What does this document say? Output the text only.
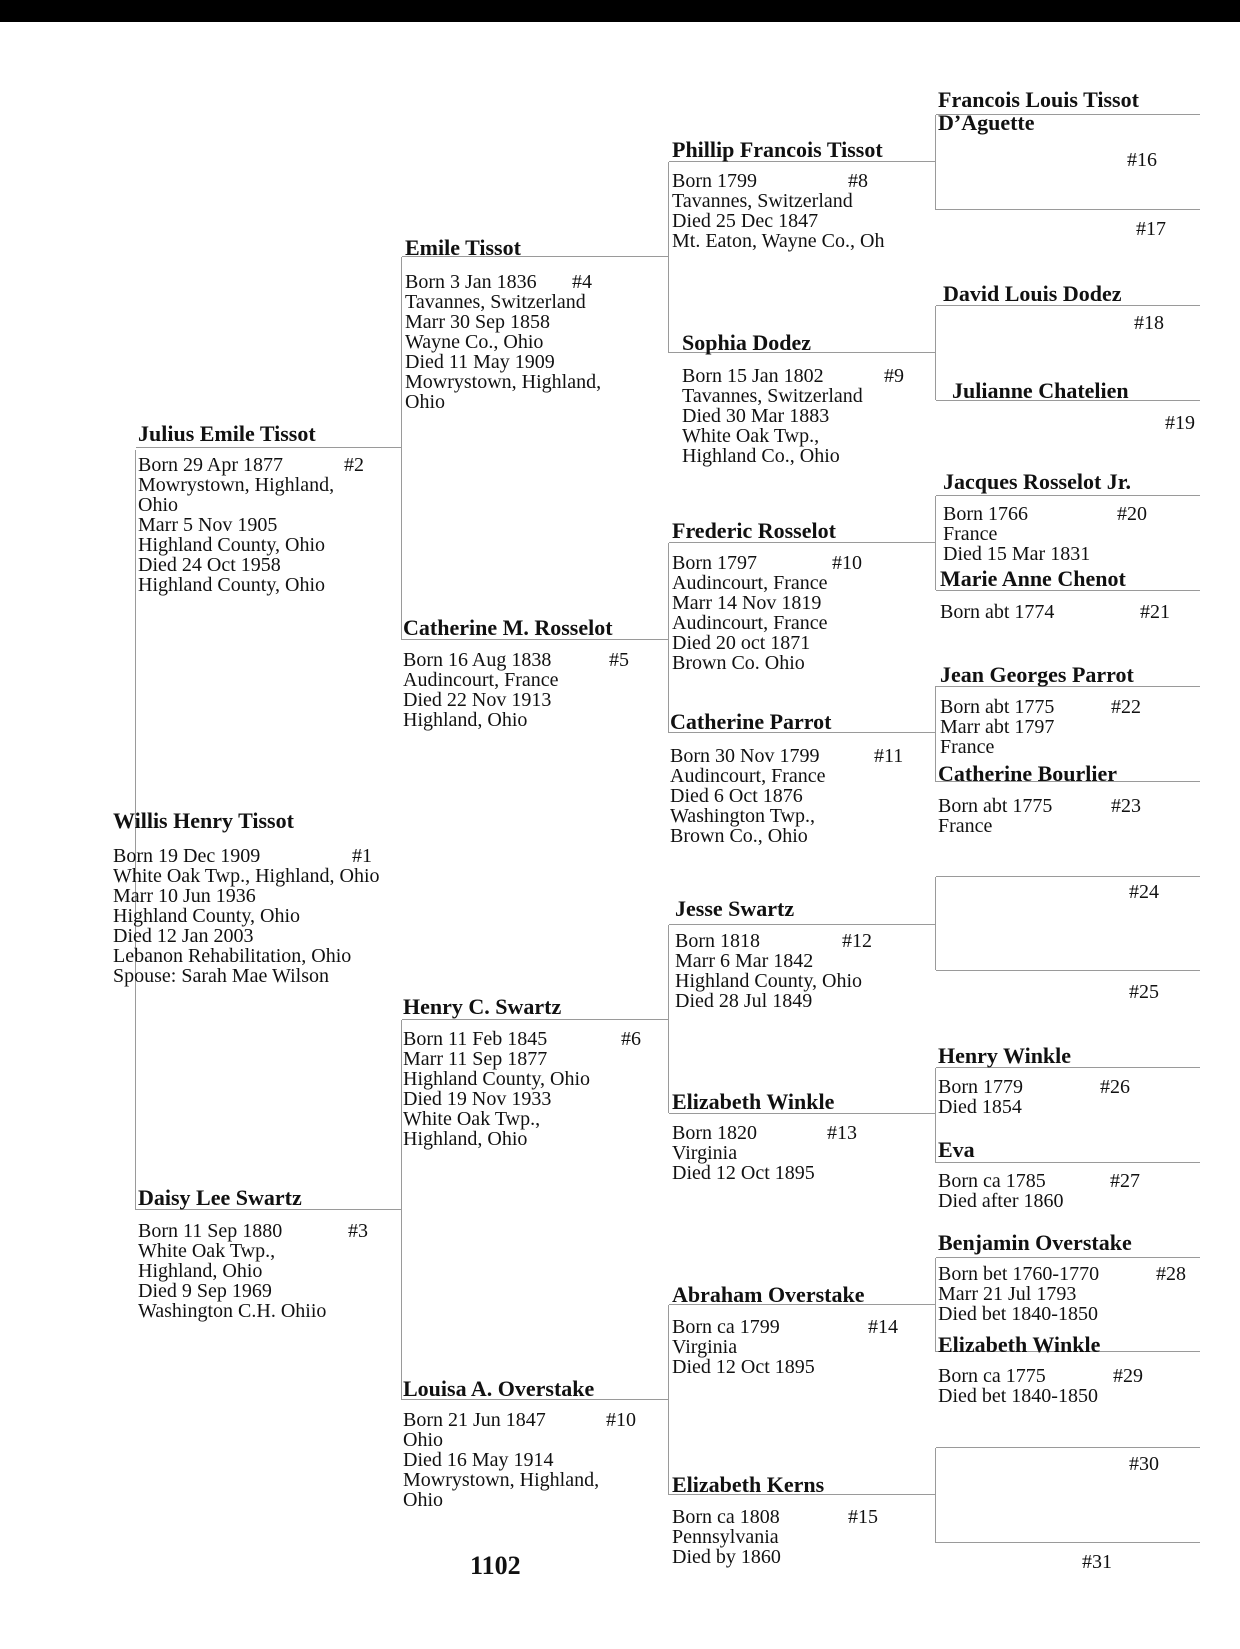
Willis Henry Tissot
Born 19 Dec 1909
White Oak Twp., Highland, Ohio
Marr 10 Jun 1936
Highland County, Ohio
Died 12 Jan 2003
Lebanon Rehabilitation, Ohio
Spouse: Sarah Mae Wilson
#1
Julius Emile Tissot
Born 29 Apr 1877
Mowrystown, Highland,
Ohio
Marr 5 Nov 1905
Highland County, Ohio
Died 24 Oct 1958
Highland County, Ohio
#2
Daisy Lee Swartz
Born 11 Sep 1880
White Oak Twp.,
Highland, Ohio
Died 9 Sep 1969
Washington C.H. Ohiio
#3
Emile Tissot
Born 3 Jan 1836
Tavannes, Switzerland
Marr 30 Sep 1858
Wayne Co., Ohio
Died 11 May 1909
Mowrystown, Highland,
Ohio
#4
Catherine M. Rosselot
Born 16 Aug 1838
Audincourt, France
Died 22 Nov 1913
Highland, Ohio
#5
Henry C. Swartz
Born 11 Feb 1845
Marr 11 Sep 1877
Highland County, Ohio
Died 19 Nov 1933
White Oak Twp.,
Highland, Ohio
#6
Louisa A. Overstake
Born 21 Jun 1847
Ohio
Died 16 May 1914
Mowrystown, Highland,
Ohio
#10
Phillip Francois Tissot
Born 1799
Tavannes, Switzerland
Died 25 Dec 1847
Mt. Eaton, Wayne Co., Oh
#8
Sophia Dodez
Born 15 Jan 1802
Tavannes, Switzerland
Died 30 Mar 1883
White Oak Twp.,
Highland Co., Ohio
#9
Frederic Rosselot
Born 1797
Audincourt, France
Marr 14 Nov 1819
Audincourt, France
Died 20 oct 1871
Brown Co. Ohio
#10
Catherine Parrot
Born 30 Nov 1799
Audincourt, France
Died 6 Oct 1876
Washington Twp.,
Brown Co., Ohio
#11
Jesse Swartz
Born 1818
Marr 6 Mar 1842
Highland County, Ohio
Died 28 Jul 1849
#12
Elizabeth Winkle
Born 1820
Virginia
Died 12 Oct 1895
#13
Abraham Overstake
Born ca 1799
Virginia
Died 12 Oct 1895
#14
Elizabeth Kerns
Born ca 1808
Pennsylvania
Died by 1860
#15
Francois Louis Tissot
D’Aguette
#16
#17
David Louis Dodez
#18
Julianne Chatelien
#19
Jacques Rosselot Jr.
Born 1766
France
Died 15 Mar 1831
#20
Marie Anne Chenot
Born abt 1774	#21
Jean Georges Parrot
Born abt 1775
Marr abt 1797
France
#22
Catherine Bourlier
Born abt 1775
France
#23
#24
#25
Henry Winkle
Born 1779
Died 1854
#26
Eva
Born ca 1785
Died after 1860
#27
Benjamin Overstake
Born bet 1760-1770
Marr 21 Jul 1793
Died bet 1840-1850
#28
Elizabeth Winkle
Born ca 1775
Died bet 1840-1850
#29
#30
#31
1102
